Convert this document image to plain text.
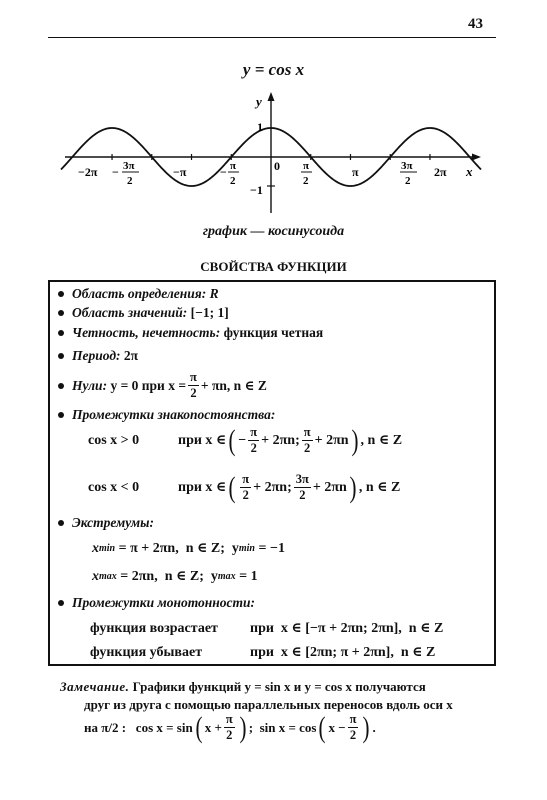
43
y = cos x
y
x
0
1
−1
−2π − 3π
2
−π	− π
2
π
2
π	3π
2
2π
график — косинусоида
СВОЙСТВА ФУНКЦИИ
Область определения:
R
Область значений:
[−1; 1]
Четность, нечетность:
функция четная
Период:
2π
Нули:
y = 0 при $x = \frac{\pi}{2} + \pi n$, n ∈ Z
Промежутки знакопостоянства:
cos x > 0	при x ∈ ( − $\frac{\pi}{2} + 2\pi n$; $\frac{\pi}{2} + 2\pi n$ ) , n ∈ Z
cos x < 0	при x ∈ ( $\frac{\pi}{2} + 2\pi n$; $\frac{3\pi}{2} + 2\pi n$ ) , n ∈ Z
Экстремумы:
x min = π + 2πn,  n ∈ Z;  y min = −1
x max = 2πn,  n ∈ Z;  y max = 1
Промежутки монотонности:
функция возрастает	при  x ∈ [−π + 2πn; 2πn],  n ∈ Z
функция убывает	при  x ∈ [2πn; π + 2πn],  n ∈ Z
Замечание. Графики функций y = sin x и y = cos x получаются
друг из друга с помощью параллельных переносов вдоль оси x
на π/2 :   cos x = sin ( $x + \frac{\pi}{2}$ ) ;  sin x = cos ( $x - \frac{\pi}{2}$ ) .
